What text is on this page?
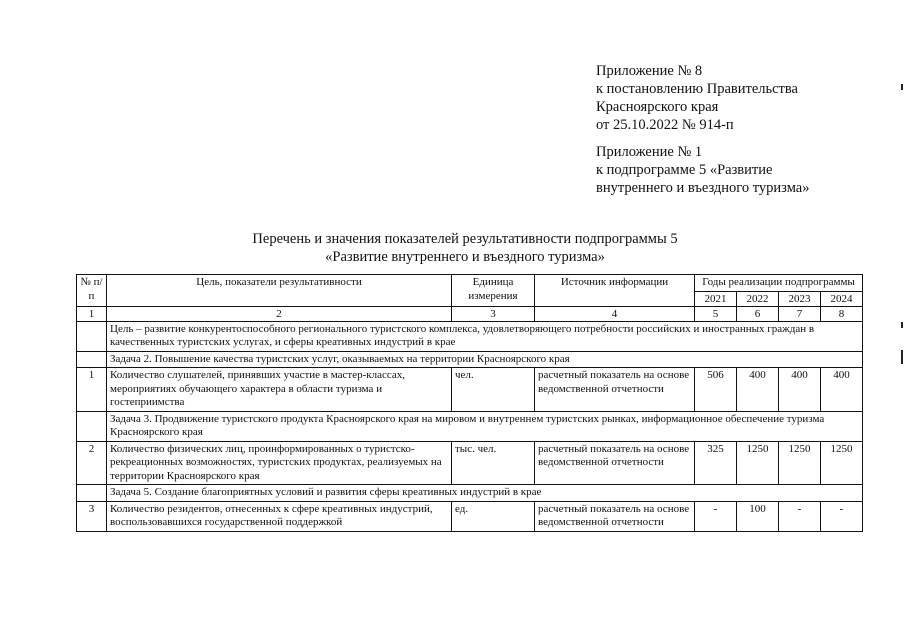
Приложение № 8
к постановлению Правительства
Красноярского края
от 25.10.2022 № 914-п
Приложение № 1
к подпрограмме 5 «Развитие
внутреннего и въездного туризма»
Перечень и значения показателей результативности подпрограммы 5
«Развитие внутреннего и въездного туризма»
№ п/п	Цель, показатели результативности	Единица измерения	Источник информации	Годы реализации подпрограммы			
				2021	2022	2023	2024
1	2	3	4	5	6	7	8
	Цель – развитие конкурентоспособного регионального туристского комплекса, удовлетворяющего потребности российских и иностранных граждан в качественных туристских услугах, и сферы креативных индустрий в крае						
	Задача 2. Повышение качества туристских услуг, оказываемых на территории Красноярского края						
1	Количество слушателей, принявших участие в мастер-классах, мероприятиях обучающего характера в области туризма и гостеприимства	чел.	расчетный показатель на основе ведомственной отчетности	506	400	400	400
	Задача 3. Продвижение туристского продукта Красноярского края на мировом и внутреннем туристских рынках, информационное обеспечение туризма Красноярского края						
2	Количество физических лиц, проинформированных о туристско-рекреационных возможностях, туристских продуктах, реализуемых на территории Красноярского края	тыс. чел.	расчетный показатель на основе ведомственной отчетности	325	1250	1250	1250
	Задача 5. Создание благоприятных условий и развития сферы креативных индустрий в крае						
3	Количество резидентов, отнесенных к сфере креативных индустрий, воспользовавшихся государственной поддержкой	ед.	расчетный показатель на основе ведомственной отчетности	-	100	-	-
